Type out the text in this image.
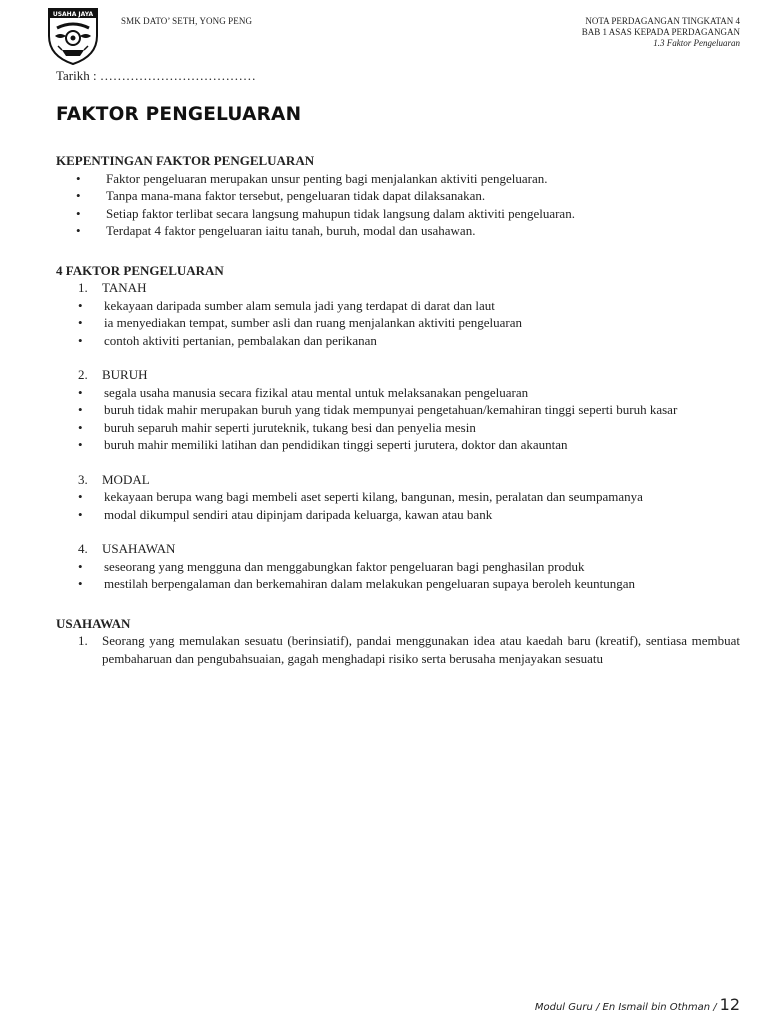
USAHA JAYA
SMK DATO’ SETH, YONG PENG	NOTA PERDAGANGAN TINGKATAN 4
BAB 1 ASAS KEPADA PERDAGANGAN
1.3 Faktor Pengeluaran
Tarikh : ………………………………
FAKTOR PENGELUARAN
KEPENTINGAN FAKTOR PENGELUARAN
• Faktor pengeluaran merupakan unsur penting bagi menjalankan aktiviti pengeluaran.
• Tanpa mana-mana faktor tersebut, pengeluaran tidak dapat dilaksanakan.
• Setiap faktor terlibat secara langsung mahupun tidak langsung dalam aktiviti pengeluaran.
• Terdapat 4 faktor pengeluaran iaitu tanah, buruh, modal dan usahawan.
4 FAKTOR PENGELUARAN
1. TANAH
• kekayaan daripada sumber alam semula jadi yang terdapat di darat dan laut
• ia menyediakan tempat, sumber asli dan ruang menjalankan aktiviti pengeluaran
• contoh aktiviti pertanian, pembalakan dan perikanan
2. BURUH
• segala usaha manusia secara fizikal atau mental untuk melaksanakan pengeluaran
• buruh tidak mahir merupakan buruh yang tidak mempunyai pengetahuan/kemahiran tinggi seperti buruh kasar
• buruh separuh mahir seperti juruteknik, tukang besi dan penyelia mesin
• buruh mahir memiliki latihan dan pendidikan tinggi seperti jurutera, doktor dan akauntan
3. MODAL
• kekayaan berupa wang bagi membeli aset seperti kilang, bangunan, mesin, peralatan dan seumpamanya
• modal dikumpul sendiri atau dipinjam daripada keluarga, kawan atau bank
4. USAHAWAN
• seseorang yang mengguna dan menggabungkan faktor pengeluaran bagi penghasilan produk
• mestilah berpengalaman dan berkemahiran dalam melakukan pengeluaran supaya beroleh keuntungan
USAHAWAN
1. Seorang yang memulakan sesuatu (berinsiatif), pandai menggunakan idea atau kaedah baru (kreatif), sentiasa membuat pembaharuan dan pengubahsuaian, gagah menghadapi risiko serta berusaha menjayakan sesuatu
Modul Guru / En Ismail bin Othman / 12
